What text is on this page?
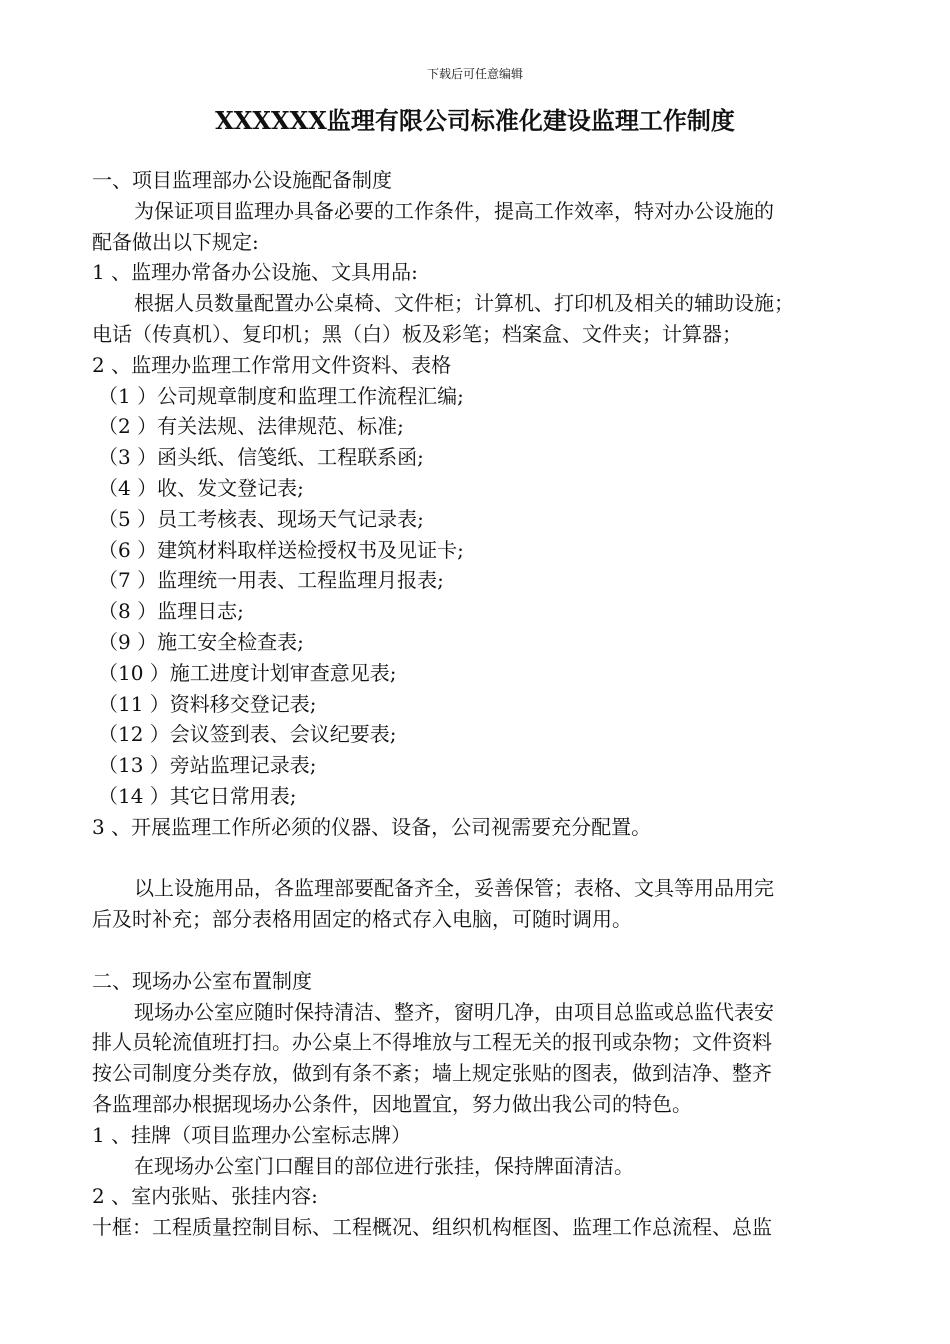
下载后可任意编辑
XXXXXX监理有限公司标准化建设监理工作制度
一、项目监理部办公设施配备制度
为保证项目监理办具备必要的工作条件，提高工作效率，特对办公设施的
配备做出以下规定:
1 、监理办常备办公设施、文具用品:
根据人员数量配置办公桌椅、文件柜；计算机、打印机及相关的辅助设施；
电话（传真机）、复印机；黑（白）板及彩笔；档案盒、文件夹；计算器；
2 、监理办监理工作常用文件资料、表格
（1 ）公司规章制度和监理工作流程汇编;
（2 ）有关法规、法律规范、标准;
（3 ）函头纸、信笺纸、工程联系函;
（4 ）收、发文登记表;
（5 ）员工考核表、现场天气记录表;
（6 ）建筑材料取样送检授权书及见证卡;
（7 ）监理统一用表、工程监理月报表;
（8 ）监理日志;
（9 ）施工安全检查表;
（10 ）施工进度计划审查意见表;
（11 ）资料移交登记表;
（12 ）会议签到表、会议纪要表;
（13 ）旁站监理记录表;
（14 ）其它日常用表;
3 、开展监理工作所必须的仪器、设备，公司视需要充分配置。
以上设施用品，各监理部要配备齐全，妥善保管；表格、文具等用品用完
后及时补充；部分表格用固定的格式存入电脑，可随时调用。
二、现场办公室布置制度
现场办公室应随时保持清洁、整齐，窗明几净，由项目总监或总监代表安
排人员轮流值班打扫。办公桌上不得堆放与工程无关的报刊或杂物；文件资料
按公司制度分类存放，做到有条不紊；墙上规定张贴的图表，做到洁净、整齐
各监理部办根据现场办公条件，因地置宜，努力做出我公司的特色。
1 、挂牌（项目监理办公室标志牌）
在现场办公室门口醒目的部位进行张挂，保持牌面清洁。
2 、室内张贴、张挂内容:
十框：工程质量控制目标、工程概况、组织机构框图、监理工作总流程、总监
